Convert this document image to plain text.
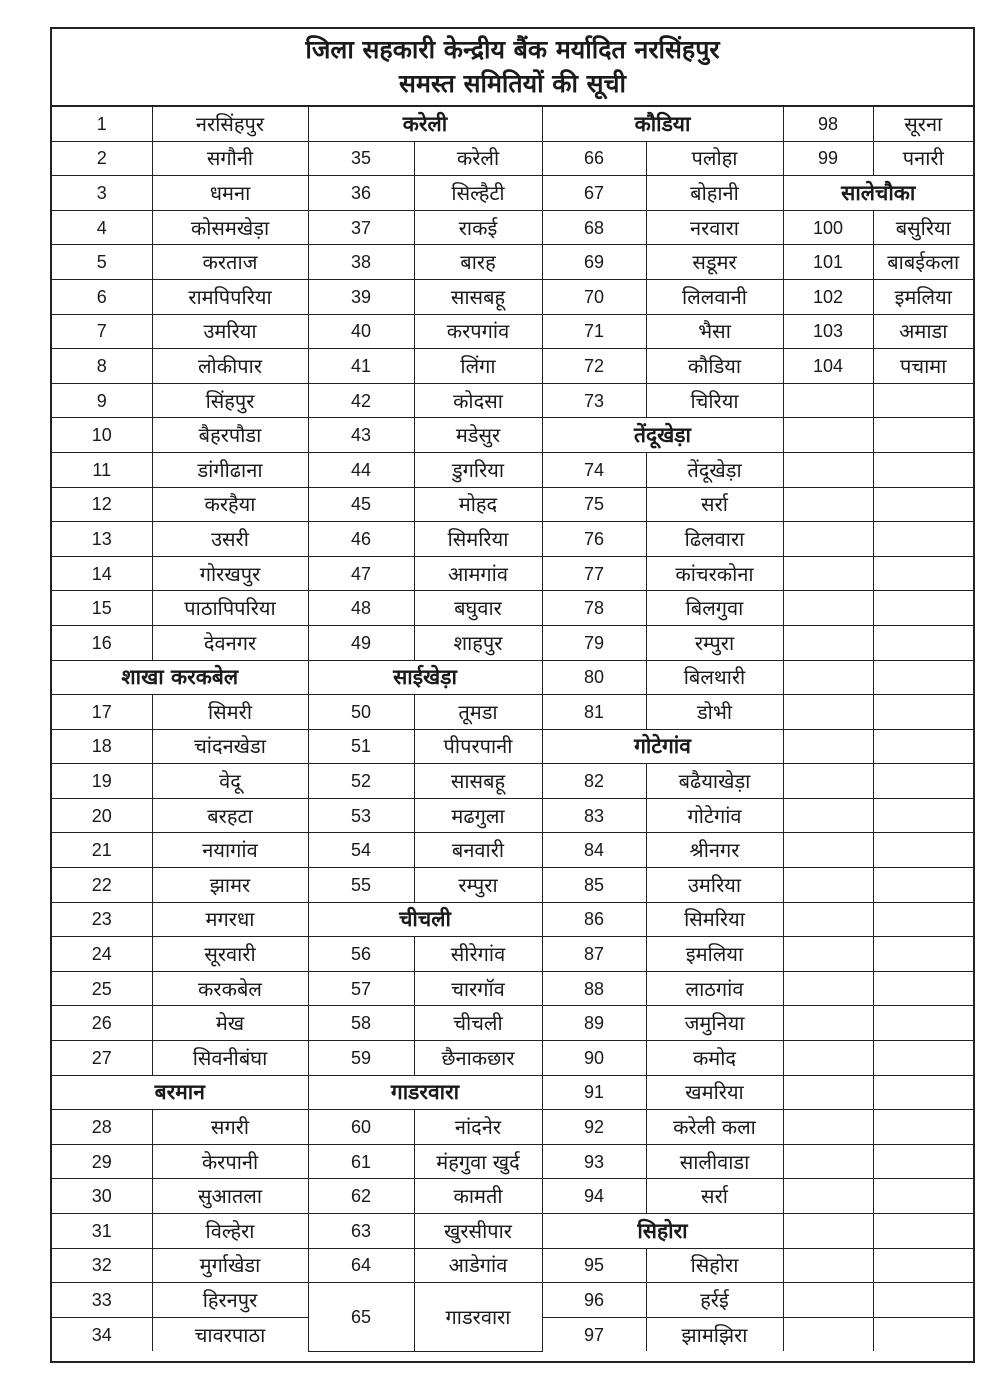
जिला सहकारी केन्द्रीय बैंक मर्यादित नरसिंहपुर
समस्त समितियों की सूची
1	नरसिंहपुर	करेली		कौडिया		98	सूरना
2	सगौनी	35	करेली	66	पलोहा	99	पनारी
3	धमना	36	सिल्हैटी	67	बोहानी	सालेचौका	
4	कोसमखेड़ा	37	राकई	68	नरवारा	100	बसुरिया
5	करताज	38	बारह	69	सडूमर	101	बाबईकला
6	रामपिपरिया	39	सासबहू	70	लिलवानी	102	इमलिया
7	उमरिया	40	करपगांव	71	भैसा	103	अमाडा
8	लोकीपार	41	लिंगा	72	कौडिया	104	पचामा
9	सिंहपुर	42	कोदसा	73	चिरिया		
10	बैहरपौडा	43	मडेसुर	तेंदूखेड़ा			
11	डांगीढाना	44	डुगरिया	74	तेंदूखेड़ा		
12	करहैया	45	मोहद	75	सर्रा		
13	उसरी	46	सिमरिया	76	ढिलवारा		
14	गोरखपुर	47	आमगांव	77	कांचरकोना		
15	पाठापिपरिया	48	बघुवार	78	बिलगुवा		
16	देवनगर	49	शाहपुर	79	रम्पुरा		
शाखा करकबेल		साईखेड़ा		80	बिलथारी		
17	सिमरी	50	तूमडा	81	डोभी		
18	चांदनखेडा	51	पीपरपानी	गोटेगांव			
19	वेदू	52	सासबहू	82	बढैयाखेड़ा		
20	बरहटा	53	मढगुला	83	गोटेगांव		
21	नयागांव	54	बनवारी	84	श्रीनगर		
22	झामर	55	रम्पुरा	85	उमरिया		
23	मगरधा	चीचली		86	सिमरिया		
24	सूरवारी	56	सीरेगांव	87	इमलिया		
25	करकबेल	57	चारगॉव	88	लाठगांव		
26	मेख	58	चीचली	89	जमुनिया		
27	सिवनीबंघा	59	छैनाकछार	90	कमोद		
बरमान		गाडरवारा		91	खमरिया		
28	सगरी	60	नांदनेर	92	करेली कला		
29	केरपानी	61	मंहगुवा खुर्द	93	सालीवाडा		
30	सुआतला	62	कामती	94	सर्रा		
31	विल्हेरा	63	खुरसीपार	सिहोरा			
32	मुर्गाखेडा	64	आडेगांव	95	सिहोरा		
33	हिरनपुर	65	गाडरवारा	96	हर्रई		
34	चावरपाठा			97	झामझिरा		
